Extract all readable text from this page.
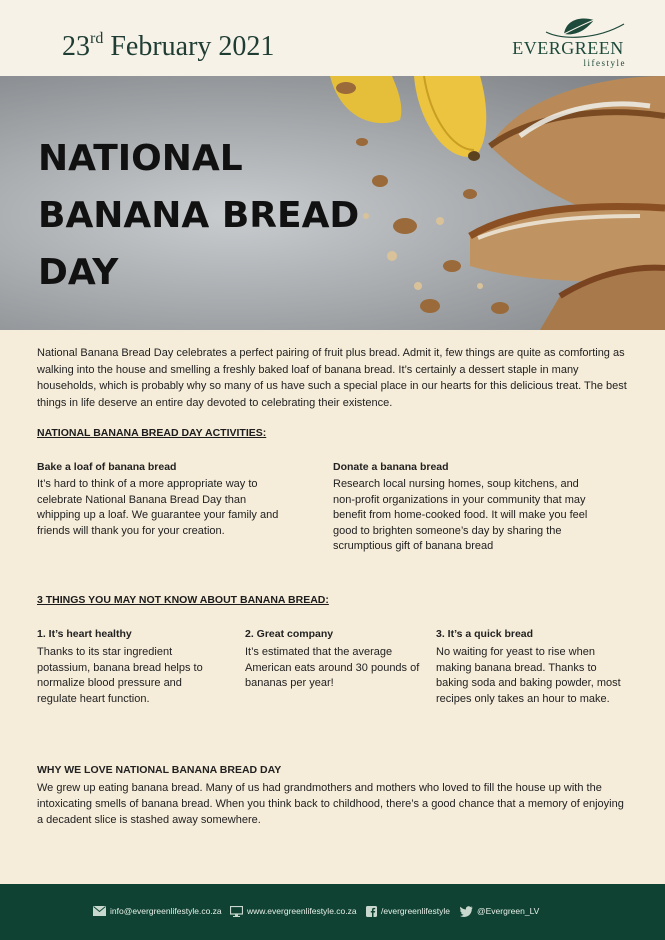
23rd February 2021	EVERGREEN
lifestyle
NATIONAL
BANANA BREAD
DAY
National Banana Bread Day celebrates a perfect pairing of fruit plus bread. Admit it, few things are quite as comforting as walking into the house and smelling a freshly baked loaf of banana bread. It’s certainly a dessert staple in many households, which is probably why so many of us have such a special place in our hearts for this delicious treat. The best things in life deserve an entire day devoted to celebrating their existence.
NATIONAL BANANA BREAD DAY ACTIVITIES:
Bake a loaf of banana bread
It’s hard to think of a more appropriate way to celebrate National Banana Bread Day than whipping up a loaf. We guarantee your family and friends will thank you for your creation.
Donate a banana bread
Research local nursing homes, soup kitchens, and non-profit organizations in your community that may benefit from home-cooked food. It will make you feel good to brighten someone’s day by sharing the scrumptious gift of banana bread
3 THINGS YOU MAY NOT KNOW ABOUT BANANA BREAD:
1. It’s heart healthy
Thanks to its star ingredient potassium, banana bread helps to normalize blood pressure and regulate heart function.
2. Great company
It’s estimated that the average American eats around 30 pounds of bananas per year!
3. It’s a quick bread
No waiting for yeast to rise when making banana bread. Thanks to baking soda and baking powder, most recipes only takes an hour to make.
WHY WE LOVE NATIONAL BANANA BREAD DAY
We grew up eating banana bread. Many of us had grandmothers and mothers who loved to fill the house up with the intoxicating smells of banana bread. When you think back to childhood, there’s a good chance that a memory of enjoying a decadent slice is stashed away somewhere.
info@evergreenlifestyle.co.za	www.evergreenlifestyle.co.za	/evergreenlifestyle	@Evergreen_LV
